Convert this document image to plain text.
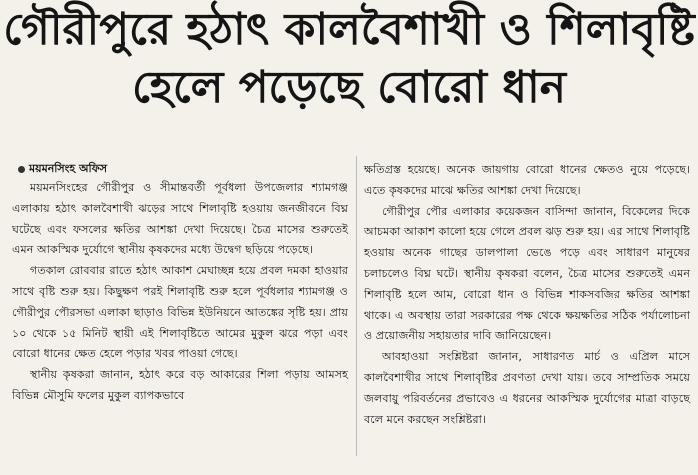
গৌরীপুরে হঠাৎ কালবৈশাখী ও শিলাবৃষ্টি
হেলে পড়েছে বোরো ধান
ময়মনসিংহ অফিস

ময়মনসিংহের গৌরীপুর ও সীমান্তবর্তী পূর্বধলা উপজেলার শ্যামগঞ্জ এলাকায় হঠাৎ কালবৈশাখী ঝড়ের সাথে শিলাবৃষ্টি হওয়ায় জনজীবনে বিঘ্ন ঘটেছে এবং ফসলের ক্ষতির আশঙ্কা দেখা দিয়েছে। চৈত্র মাসের শুরুতেই এমন আকস্মিক দুর্যোগে স্থানীয় কৃষকদের মধ্যে উদ্বেগ ছড়িয়ে পড়েছে।

গতকাল রোববার রাতে হঠাৎ আকাশ মেঘাচ্ছন্ন হয়ে প্রবল দমকা হাওয়ার সাথে বৃষ্টি শুরু হয়। কিছুক্ষণ পরই শিলাবৃষ্টি শুরু হলে পূর্বধলার শ্যামগঞ্জ ও গৌরীপুর পৌরসভা এলাকা ছাড়াও বিভিন্ন ইউনিয়নে আতঙ্কের সৃষ্টি হয়। প্রায় ১০ থেকে ১৫ মিনিট স্থায়ী এই শিলাবৃষ্টিতে আমের মুকুল ঝরে পড়া এবং বোরো ধানের ক্ষেত হেলে পড়ার খবর পাওয়া গেছে।

স্থানীয় কৃষকরা জানান, হঠাৎ করে বড় আকারের শিলা পড়ায় আমসহ বিভিন্ন মৌসুমি ফলের মুকুল ব্যাপকভাবে

ক্ষতিগ্রস্ত হয়েছে। অনেক জায়গায় বোরো ধানের ক্ষেতও নুয়ে পড়েছে। এতে কৃষকদের মাঝে ক্ষতির আশঙ্কা দেখা দিয়েছে।

গৌরীপুর পৌর এলাকার কয়েকজন বাসিন্দা জানান, বিকেলের দিকে আচমকা আকাশ কালো হয়ে গেলে প্রবল ঝড় শুরু হয়। এর সাথে শিলাবৃষ্টি হওয়ায় অনেক গাছের ডালপালা ভেঙে পড়ে এবং সাধারণ মানুষের চলাচলেও বিঘ্ন ঘটে। স্থানীয় কৃষকরা বলেন, চৈত্র মাসের শুরুতেই এমন শিলাবৃষ্টি হলে আম, বোরো ধান ও বিভিন্ন শাকসবজির ক্ষতির আশঙ্কা থাকে। এ অবস্থায় তারা সরকারের পক্ষ থেকে ক্ষয়ক্ষতির সঠিক পর্যালোচনা ও প্রয়োজনীয় সহায়তার দাবি জানিয়েছেন।

আবহাওয়া সংশ্লিষ্টরা জানান, সাধারণত মার্চ ও এপ্রিল মাসে কালবৈশাখীর সাথে শিলাবৃষ্টির প্রবণতা দেখা যায়। তবে সাম্প্রতিক সময়ে জলবায়ু পরিবর্তনের প্রভাবেও এ ধরনের আকস্মিক দুর্যোগের মাত্রা বাড়ছে বলে মনে করছেন সংশ্লিষ্টরা।
